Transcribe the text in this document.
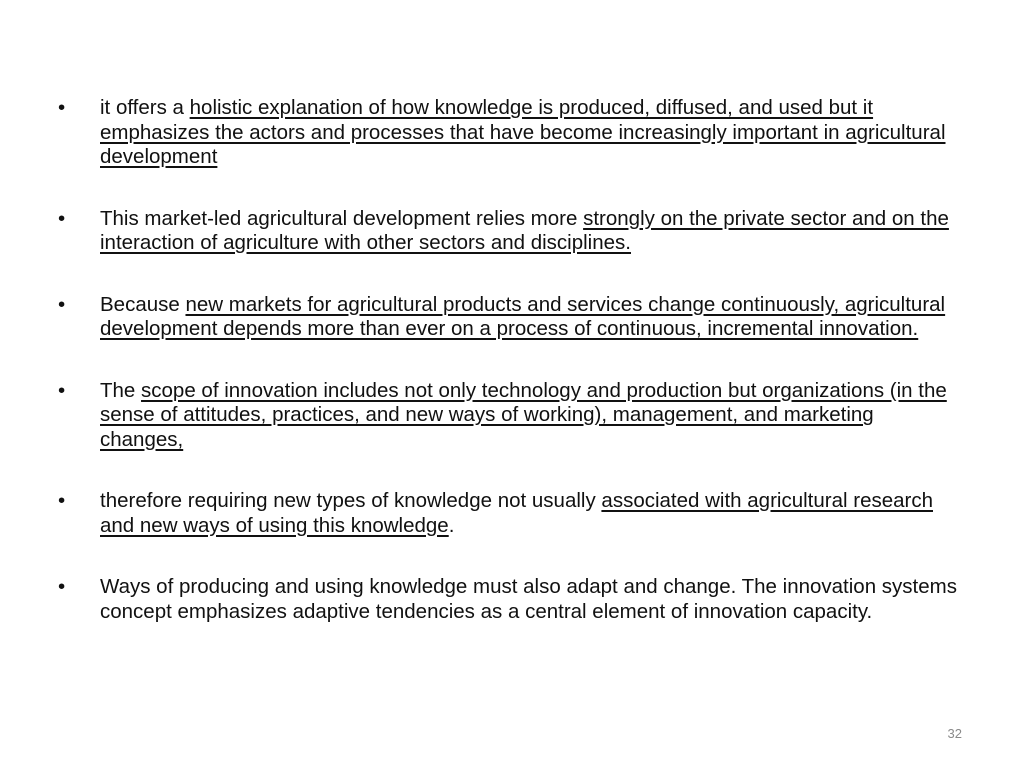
•	it offers a holistic explanation of how knowledge is produced, diffused, and used but it emphasizes the actors and processes that have become increasingly important in agricultural development
•	This market-led agricultural development relies more strongly on the private sector and on the interaction of agriculture with other sectors and disciplines.
•	Because new markets for agricultural products and services change continuously, agricultural development depends more than ever on a process of continuous, incremental innovation.
•	The scope of innovation includes not only technology and production but organizations (in the sense of attitudes, practices, and new ways of working), management, and marketing changes,
•	therefore requiring new types of knowledge not usually associated with agricultural research and new ways of using this knowledge.
•	Ways of producing and using knowledge must also adapt and change. The innovation systems concept emphasizes adaptive tendencies as a central element of innovation capacity.
32
